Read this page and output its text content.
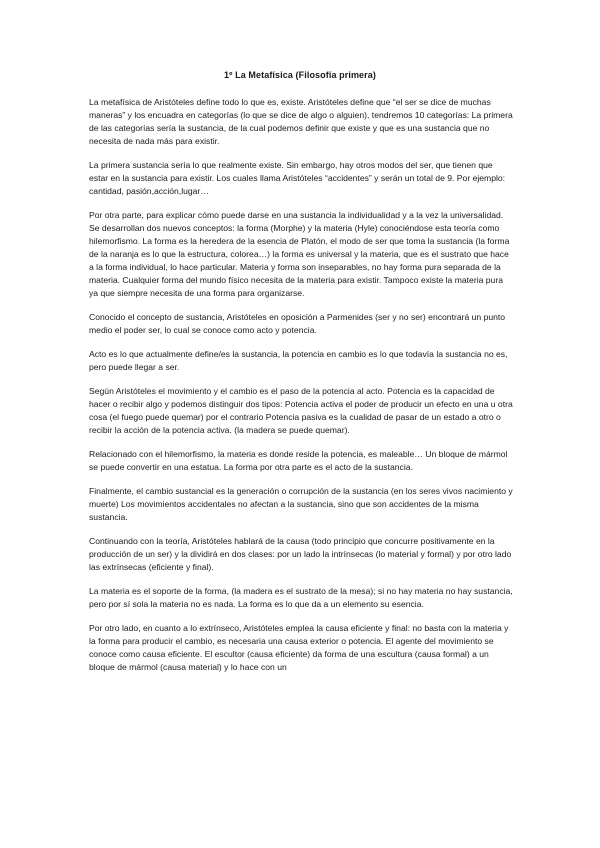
1º La Metafísica (Filosofía primera)

La metafísica de Aristóteles define todo lo que es, existe. Aristóteles define que “el ser se dice de muchas maneras” y los encuadra en categorías (lo que se dice de algo o alguien), tendremos 10 categorías: La primera de las categorías sería la sustancia, de la cual podemos definir que existe y que es una sustancia que no necesita de nada más para existir.

La primera sustancia sería lo que realmente existe. Sin embargo, hay otros modos del ser, que tienen que estar en la sustancia para existir. Los cuales llama Aristóteles “accidentes” y serán un total de 9. Por ejemplo: cantidad, pasión,acción,lugar…

Por otra parte, para explicar cómo puede darse en una sustancia la individualidad y a la vez la universalidad. Se desarrollan dos nuevos conceptos: la forma (Morphe) y la materia (Hyle) conociéndose esta teoría como hilemorfismo. La forma es la heredera de la esencia de Platón, el modo de ser que toma la sustancia (la forma de la naranja es lo que la estructura, colorea…) la forma es universal y la materia, que es el sustrato que hace a la forma individual, lo hace particular. Materia y forma son inseparables, no hay forma pura separada de la materia. Cualquier forma del mundo físico necesita de la materia para existir. Tampoco existe la materia pura ya que siempre necesita de una forma para organizarse.

Conocido el concepto de sustancia, Aristóteles en oposición a Parmenides (ser y no ser) encontrará un punto medio el poder ser, lo cual se conoce como acto y potencia.

Acto es lo que actualmente define/es la sustancia, la potencia en cambio es lo que todavía la sustancia no es, pero puede llegar a ser.

Según Aristóteles el movimiento y el cambio es el paso de la potencia al acto. Potencia es la capacidad de hacer o recibir algo y podemos distinguir dos tipos: Potencia activa el poder de producir un efecto en una u otra cosa (el fuego puede quemar) por el contrario Potencia pasiva es la cualidad de pasar de un estado a otro o recibir la acción de la potencia activa. (la madera se puede quemar).

Relacionado con el hilemorfismo, la materia es donde reside la potencia, es maleable… Un bloque de mármol se puede convertir en una estatua. La forma por otra parte es el acto de la sustancia.

Finalmente, el cambio sustancial es la generación o corrupción de la sustancia (en los seres vivos nacimiento y muerte) Los movimientos accidentales no afectan a la sustancia, sino que son accidentes de la misma sustancia.

Continuando con la teoría, Aristóteles hablará de la causa (todo principio que concurre positivamente en la producción de un ser) y la dividirá en dos clases: por un lado la intrínsecas (lo material y formal) y por otro lado las extrínsecas (eficiente y final).

La materia es el soporte de la forma, (la madera es el sustrato de la mesa); si no hay materia no hay sustancia, pero por sí sola la materia no es nada. La forma es lo que da a un elemento su esencia.

Por otro lado, en cuanto a lo extrínseco, Aristóteles emplea la causa eficiente y final: no basta con la materia y la forma para producir el cambio, es necesaria una causa exterior o potencia. El agente del movimiento se conoce como causa eficiente. El escultor (causa eficiente) da forma de una escultura (causa formal) a un bloque de mármol (causa material) y lo hace con un
